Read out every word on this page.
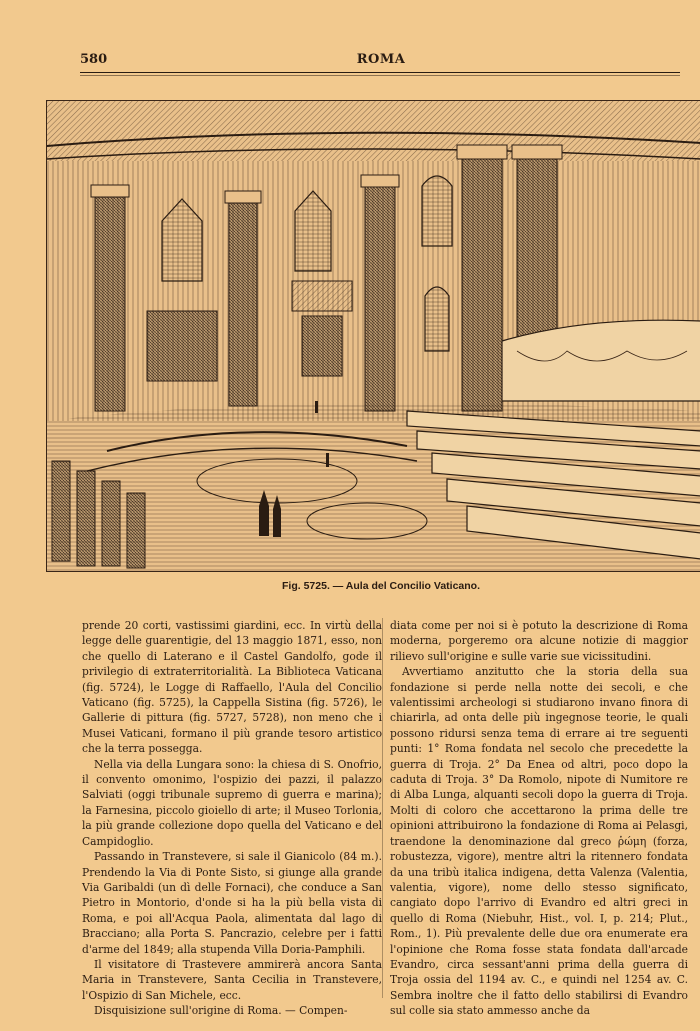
580	ROMA
Fig. 5725. — Aula del Concilio Vaticano.

prende 20 corti, vastissimi giardini, ecc. In virtù della legge delle guarentigie, del 13 maggio 1871, esso, non che quello di Laterano e il Castel Gandolfo, gode il privilegio di extraterritorialità. La Biblioteca Vaticana (fig. 5724), le Logge di Raffaello, l'Aula del Concilio Vaticano (fig. 5725), la Cappella Sistina (fig. 5726), le Gallerie di pittura (fig. 5727, 5728), non meno che i Musei Vaticani, formano il più grande tesoro artistico che la terra possegga.

Nella via della Lungara sono: la chiesa di S. Onofrio, il convento omonimo, l'ospizio dei pazzi, il palazzo Salviati (oggi tribunale supremo di guerra e marina); la Farnesina, piccolo gioiello di arte; il Museo Torlonia, la più grande collezione dopo quella del Vaticano e del Campidoglio.

Passando in Transtevere, si sale il Gianicolo (84 m.). Prendendo la Via di Ponte Sisto, si giunge alla grande Via Garibaldi (un dì delle Fornaci), che conduce a San Pietro in Montorio, d'onde si ha la più bella vista di Roma, e poi all'Acqua Paola, alimentata dal lago di Bracciano; alla Porta S. Pancrazio, celebre per i fatti d'arme del 1849; alla stupenda Villa Doria-Pamphili.

Il visitatore di Trastevere ammirerà ancora Santa Maria in Transtevere, Santa Cecilia in Transtevere, l'Ospizio di San Michele, ecc.

Disquisizione sull'origine di Roma. — Compen-

diata come per noi si è potuto la descrizione di Roma moderna, porgeremo ora alcune notizie di maggior rilievo sull'origine e sulle varie sue vicissitudini.

Avvertiamo anzitutto che la storia della sua fondazione si perde nella notte dei secoli, e che valentissimi archeologi si studiarono invano finora di chiarirla, ad onta delle più ingegnose teorie, le quali possono ridursi senza tema di errare ai tre seguenti punti: 1° Roma fondata nel secolo che precedette la guerra di Troja. 2° Da Enea od altri, poco dopo la caduta di Troja. 3° Da Romolo, nipote di Numitore re di Alba Lunga, alquanti secoli dopo la guerra di Troja. Molti di coloro che accettarono la prima delle tre opinioni attribuirono la fondazione di Roma ai Pelasgi, traendone la denominazione dal greco ῥώμη (forza, robustezza, vigore), mentre altri la ritennero fondata da una tribù italica indigena, detta Valenza (Valentia, valentia, vigore), nome dello stesso significato, cangiato dopo l'arrivo di Evandro ed altri greci in quello di Roma (Niebuhr, Hist., vol. I, p. 214; Plut., Rom., 1). Più prevalente delle due ora enumerate era l'opinione che Roma fosse stata fondata dall'arcade Evandro, circa sessant'anni prima della guerra di Troja ossia del 1194 av. C., e quindi nel 1254 av. C. Sembra inoltre che il fatto dello stabilirsi di Evandro sul colle sia stato ammesso anche da
